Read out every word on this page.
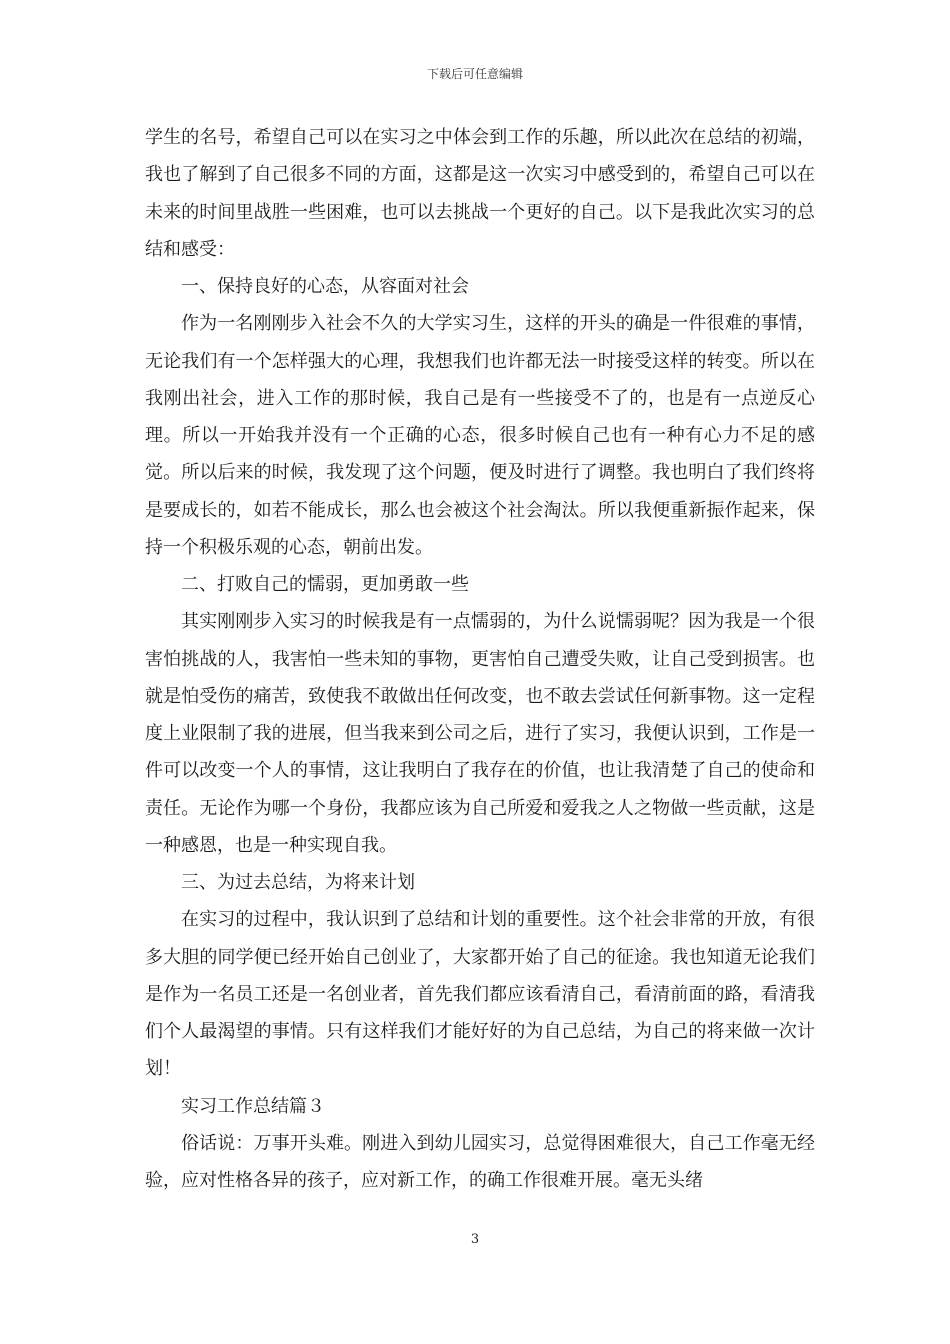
下载后可任意编辑

学生的名号，希望自己可以在实习之中体会到工作的乐趣，所以此次在总结的初端，我也了解到了自己很多不同的方面，这都是这一次实习中感受到的，希望自己可以在未来的时间里战胜一些困难，也可以去挑战一个更好的自己。以下是我此次实习的总结和感受：

一、保持良好的心态，从容面对社会

作为一名刚刚步入社会不久的大学实习生，这样的开头的确是一件很难的事情，无论我们有一个怎样强大的心理，我想我们也许都无法一时接受这样的转变。所以在我刚出社会，进入工作的那时候，我自己是有一些接受不了的，也是有一点逆反心理。所以一开始我并没有一个正确的心态，很多时候自己也有一种有心力不足的感觉。所以后来的时候，我发现了这个问题，便及时进行了调整。我也明白了我们终将是要成长的，如若不能成长，那么也会被这个社会淘汰。所以我便重新振作起来，保持一个积极乐观的心态，朝前出发。

二、打败自己的懦弱，更加勇敢一些

其实刚刚步入实习的时候我是有一点懦弱的，为什么说懦弱呢？因为我是一个很害怕挑战的人，我害怕一些未知的事物，更害怕自己遭受失败，让自己受到损害。也就是怕受伤的痛苦，致使我不敢做出任何改变，也不敢去尝试任何新事物。这一定程度上业限制了我的进展，但当我来到公司之后，进行了实习，我便认识到，工作是一件可以改变一个人的事情，这让我明白了我存在的价值，也让我清楚了自己的使命和责任。无论作为哪一个身份，我都应该为自己所爱和爱我之人之物做一些贡献，这是一种感恩，也是一种实现自我。

三、为过去总结，为将来计划

在实习的过程中，我认识到了总结和计划的重要性。这个社会非常的开放，有很多大胆的同学便已经开始自己创业了，大家都开始了自己的征途。我也知道无论我们是作为一名员工还是一名创业者，首先我们都应该看清自己，看清前面的路，看清我们个人最渴望的事情。只有这样我们才能好好的为自己总结，为自己的将来做一次计划！

实习工作总结篇３

俗话说：万事开头难。刚进入到幼儿园实习，总觉得困难很大，自己工作毫无经验，应对性格各异的孩子，应对新工作，的确工作很难开展。毫无头绪

3
